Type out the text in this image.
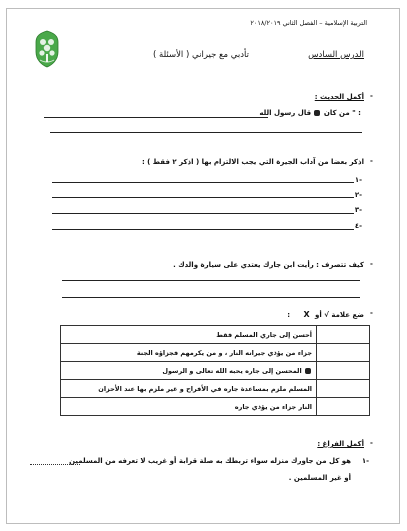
التربية الإسلامية – الفصل الثاني ٢٠١٨/٢٠١٩
الدرس السادس
تأدبي مع جيراني ( الأسئلة )
-
أكمل الحديث :
: " من كان  قال رسول الله
-
اذكر بعضا من آداب الجيرة التي يجب الالتزام بها ( اذكر ٢ فقط ) :
-١
-٢
-٣
-٤
-
كيف تتصرف : رأيت ابن جارك يعتدي على سيارة والدك .
-
ضع علامة √ أو X :
أحسن إلى جاري المسلم فقط	
جزاء من يؤذي جيرانه النار ، و من يكرمهم فجزاؤه الجنة	
المحسن إلى جاره يحبه الله تعالى و الرسول	
المسلم ملزم بمساعدة جاره في الأفراح و غير ملزم بها عند الأحزان	
النار جزاء من يؤذي جاره	
-
أكمل الفراغ :
-١
هو كل من جاورك منزله سواء تربطك به صلة قرابة أو غريب لا تعرفه من المسلمين
أو غير المسلمين .
